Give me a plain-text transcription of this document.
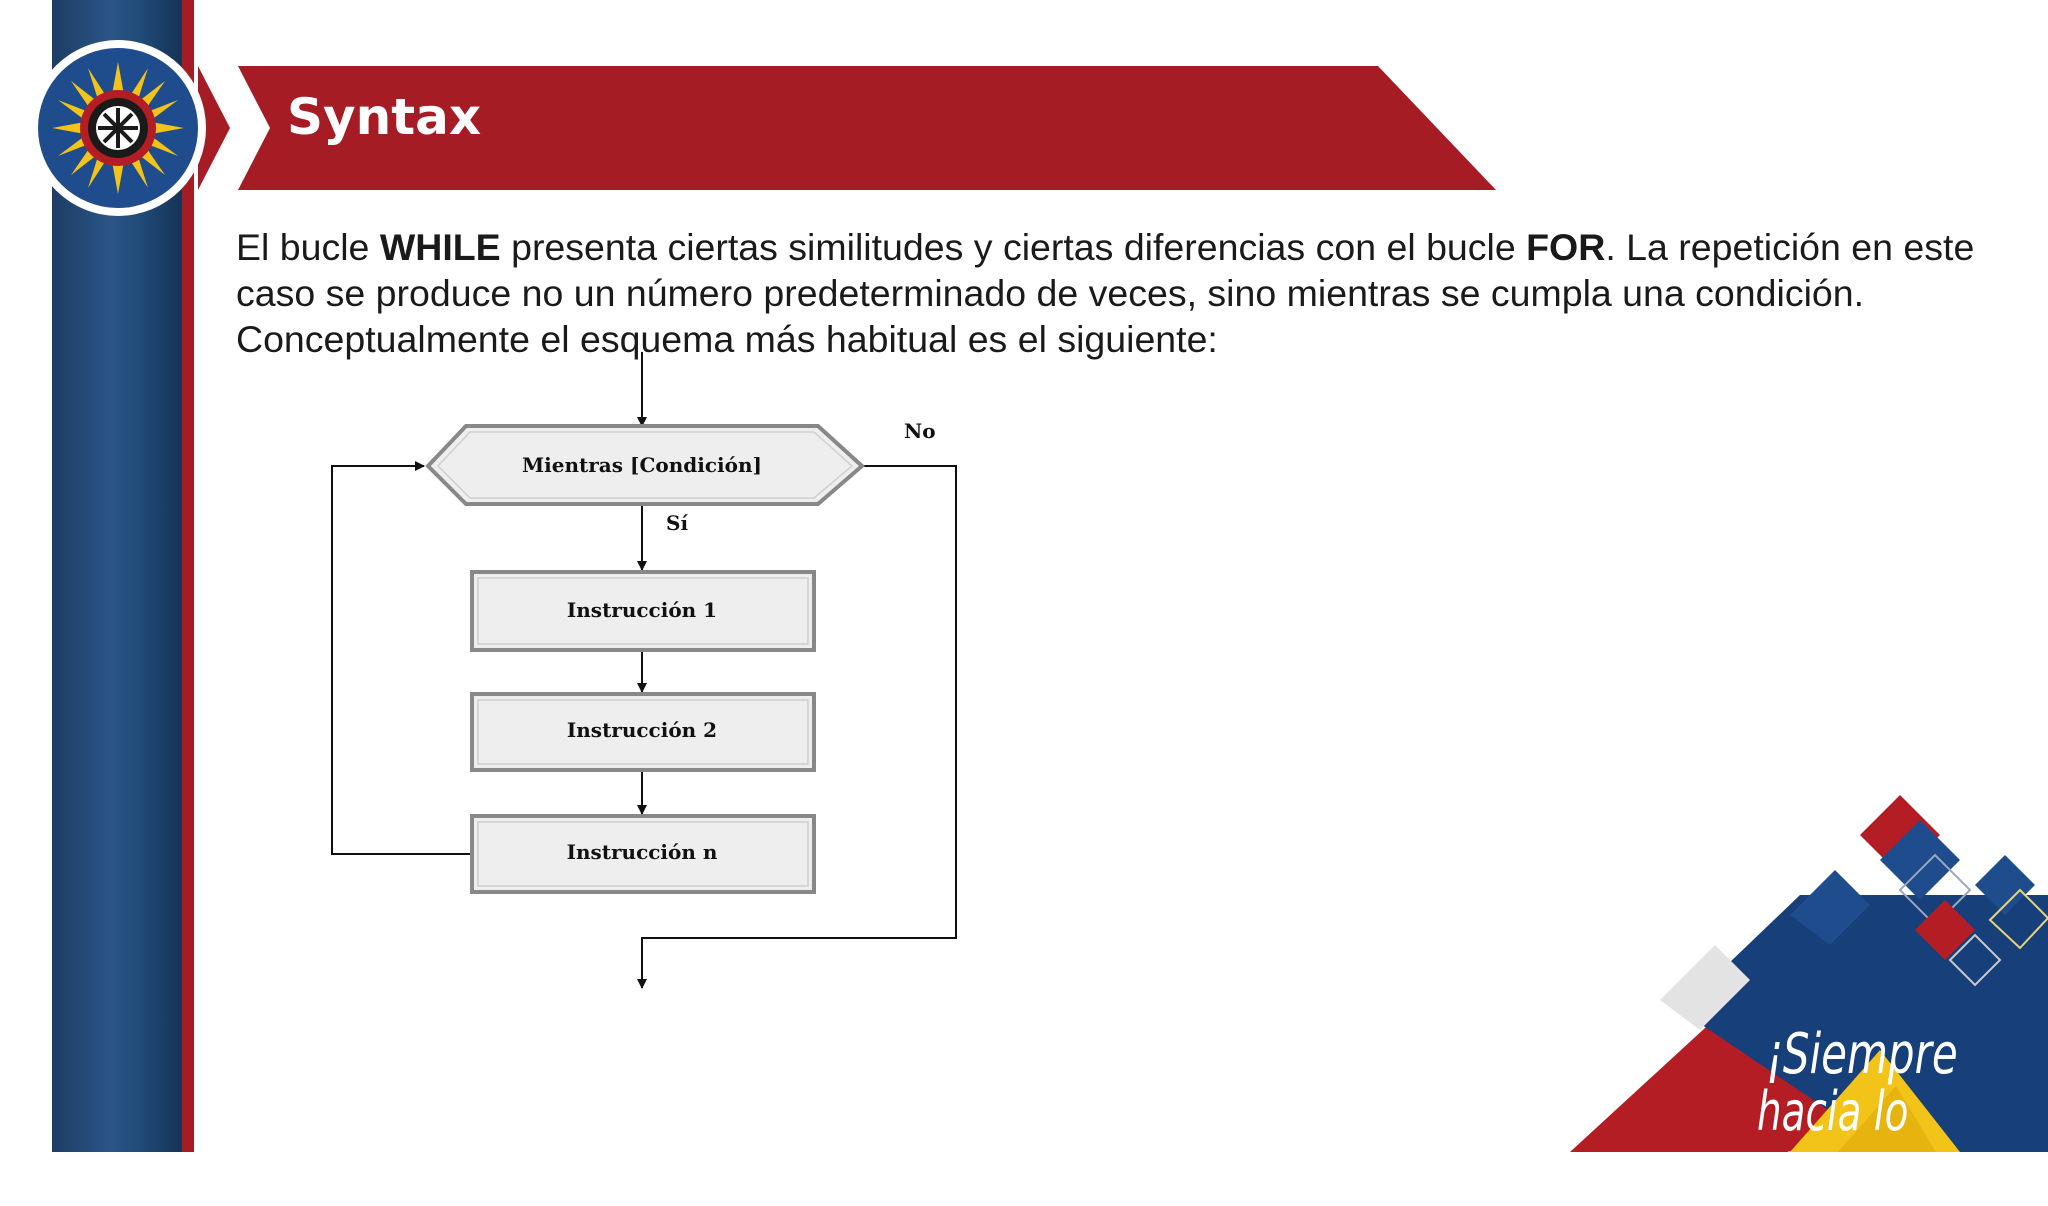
Syntax

El bucle WHILE presenta ciertas similitudes y ciertas diferencias con el bucle FOR. La repetición en este caso se produce no un número predeterminado de veces, sino mientras se cumpla una condición. Conceptualmente el esquema más habitual es el siguiente:

Mientras [Condición]
Sí
No
Instrucción 1
Instrucción 2
Instrucción n
¡Siempre
hacia lo alto!
